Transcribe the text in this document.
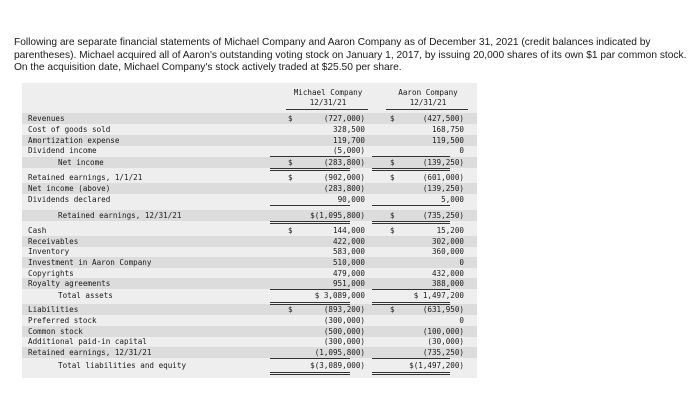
Following are separate financial statements of Michael Company and Aaron Company as of December 31, 2021 (credit balances indicated by parentheses). Michael acquired all of Aaron's outstanding voting stock on January 1, 2017, by issuing 20,000 shares of its own $1 par common stock. On the acquisition date, Michael Company's stock actively traded at $25.50 per share.
Michael Company
12/31/21
Aaron Company
12/31/21
Revenues	$	(727,000)	$	(427,500)
Cost of goods sold	328,500	168,750
Amortization expense	119,700	119,500
Dividend income	(5,000)	0
Net income	$	(283,800)	$	(139,250)
Retained earnings, 1/1/21	$	(902,000)	$	(601,000)
Net income (above)	(283,800)	(139,250)
Dividends declared	90,000	5,000
Retained earnings, 12/31/21	$(1,095,800)	$	(735,250)
Cash	$	144,000	$	15,200
Receivables	422,000	302,000
Inventory	583,000	360,000
Investment in Aaron Company	510,000	0
Copyrights	479,000	432,000
Royalty agreements	951,000	388,000
Total assets	$ 3,089,000	$ 1,497,200
Liabilities	$	(893,200)	$	(631,950)
Preferred stock	(300,000)	0
Common stock	(500,000)	(100,000)
Additional paid-in capital	(300,000)	(30,000)
Retained earnings, 12/31/21	(1,095,800)	(735,250)
Total liabilities and equity	$(3,089,000)	$(1,497,200)
